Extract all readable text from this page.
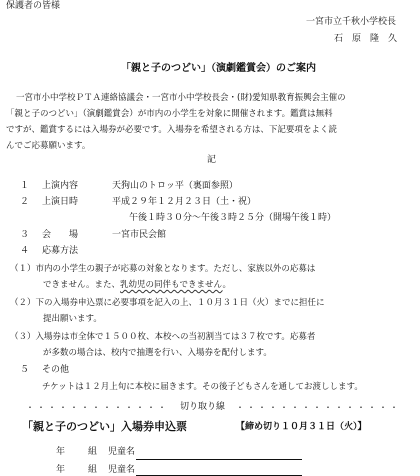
保護者の皆様
一宮市立千秋小学校長
石　原　隆　久
「親と子のつどい」（演劇鑑賞会）のご案内
一宮市小中学校ＰＴＡ連絡協議会・一宮市小中学校長会・(財)愛知県教育振興会主催の
「親と子のつどい」（演劇鑑賞会）が市内の小学生を対象に開催されます。鑑賞は無料
ですが、鑑賞するには入場券が必要です。入場券を希望される方は、下記要項をよく読
んでご応募願います。
記
１ 上演内容	天狗山のトロッ平（裏面参照）
２ 上演日時	平成２９年１２月２３日（土・祝）
午後１時３０分～午後３時２５分（開場午後１時）
３ 会　　場	一宮市民会館
４ 応募方法
（１）市内の小学生の親子が応募の対象となります。ただし、家族以外の応募は
できません。また、乳幼児の同伴もできません。
（２）下の入場券申込票に必要事項を記入の上、１０月３１日（火）までに担任に
提出願います。
（３）入場券は市全体で１５００枚、本校への当初割当ては３７枚です。応募者
が多数の場合は、校内で抽選を行い、入場券を配付します。
５ その他
チケットは１２月上旬に本校に届きます。その後子どもさんを通してお渡しします。
・・・・・・・・・・・・・ 切り取り線 ・・・・・・・・・・・・・・・
「親と子のつどい」入場券申込票	【締め切り１０月３１日（火）】
年	組 児童名
年	組 児童名
